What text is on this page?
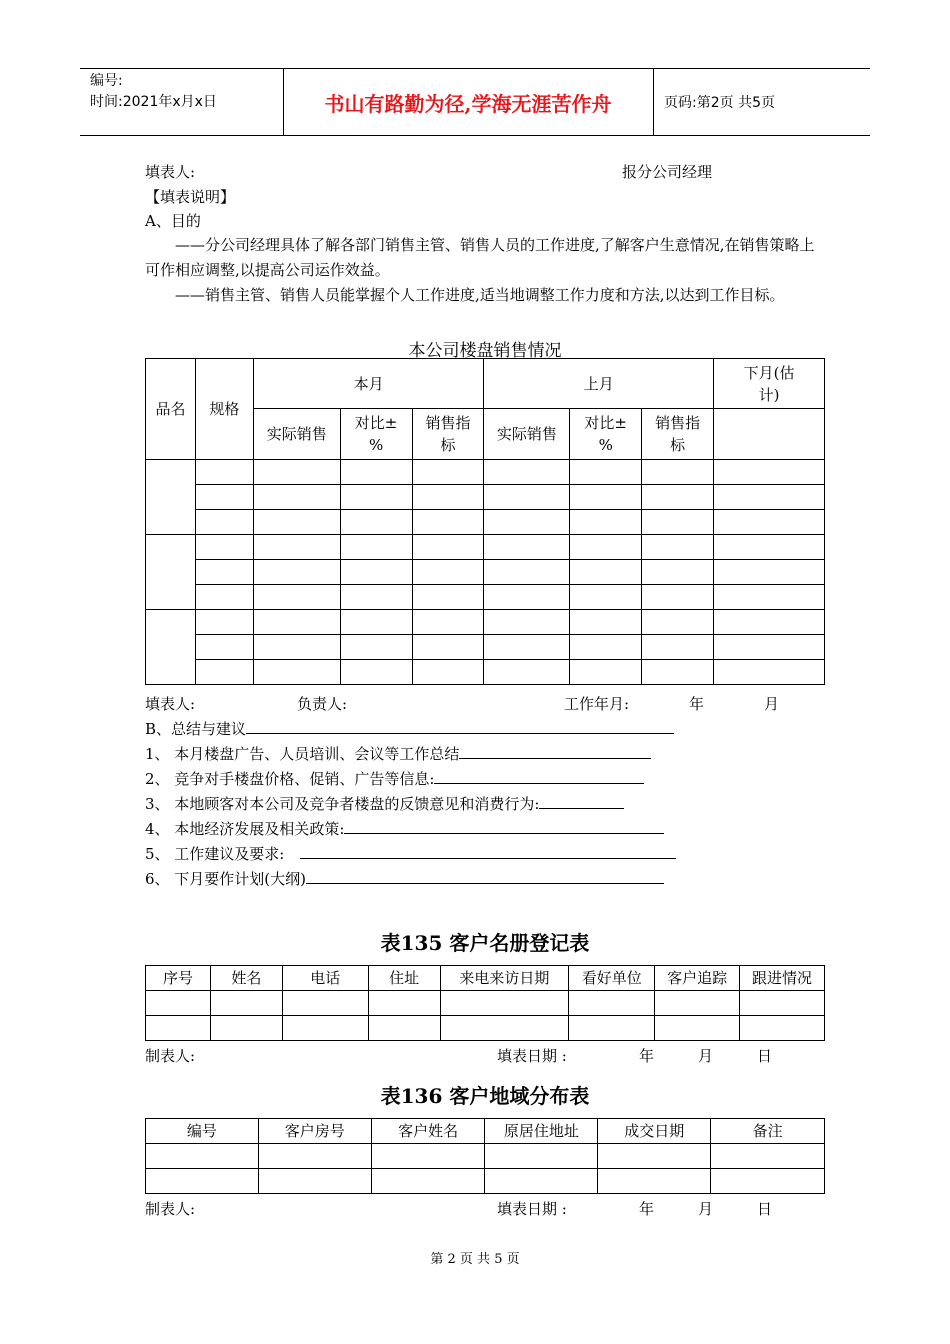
编号:
时间:2021年x月x日	书山有路勤为径,学海无涯苦作舟	页码:第2页 共5页
填表人:	报分公司经理
【填表说明】
A、目的
——分公司经理具体了解各部门销售主管、销售人员的工作进度,了解客户生意情况,在销售策略上可作相应调整,以提高公司运作效益。
——销售主管、销售人员能掌握个人工作进度,适当地调整工作力度和方法,以达到工作目标。
本公司楼盘销售情况
品名	规格	本月			上月			下月(估计)
		实际销售	对比±%	销售指标	实际销售	对比±%	销售指标	

填表人:	负责人:	工作年月:	年	月
B、总结与建议
1、 本月楼盘广告、人员培训、会议等工作总结
2、 竞争对手楼盘价格、促销、广告等信息:
3、 本地顾客对本公司及竞争者楼盘的反馈意见和消费行为:
4、 本地经济发展及相关政策:
5、 工作建议及要求:
6、 下月要作计划(大纲)
表135 客户名册登记表
序号	姓名	电话	住址	来电来访日期	看好单位	客户追踪	跟进情况

制表人:	填表日期 :	年	月	日
表136 客户地域分布表
编号	客户房号	客户姓名	原居住地址	成交日期	备注

制表人:	填表日期 :	年	月	日
第 2 页 共 5 页
